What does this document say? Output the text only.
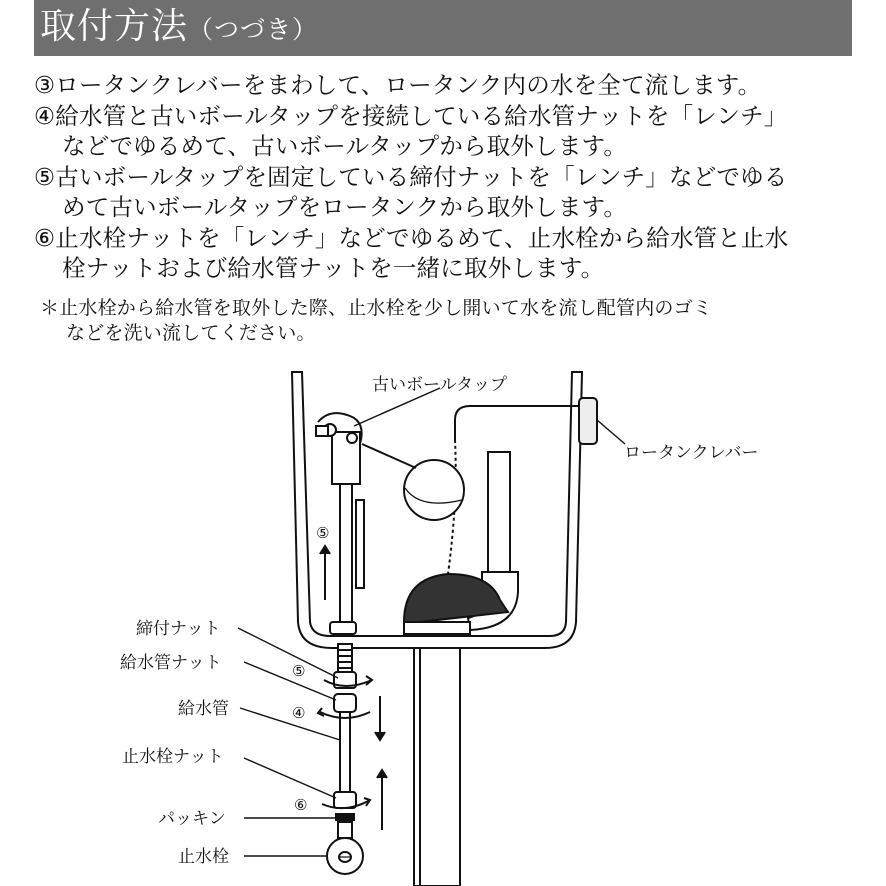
取付方法（つづき）
③ロータンクレバーをまわして、ロータンク内の水を全て流します。
④給水管と古いボールタップを接続している給水管ナットを「レンチ」
などでゆるめて、古いボールタップから取外します。
⑤古いボールタップを固定している締付ナットを「レンチ」などでゆる
めて古いボールタップをロータンクから取外します。
⑥止水栓ナットを「レンチ」などでゆるめて、止水栓から給水管と止水
栓ナットおよび給水管ナットを一緒に取外します。
＊止水栓から給水管を取外した際、止水栓を少し開いて水を流し配管内のゴミ
などを洗い流してください。
古いボールタップ
ロータンクレバー
締付ナット
給水管ナット
給水管
止水栓ナット
パッキン
止水栓
⑤
⑤
④
⑥
